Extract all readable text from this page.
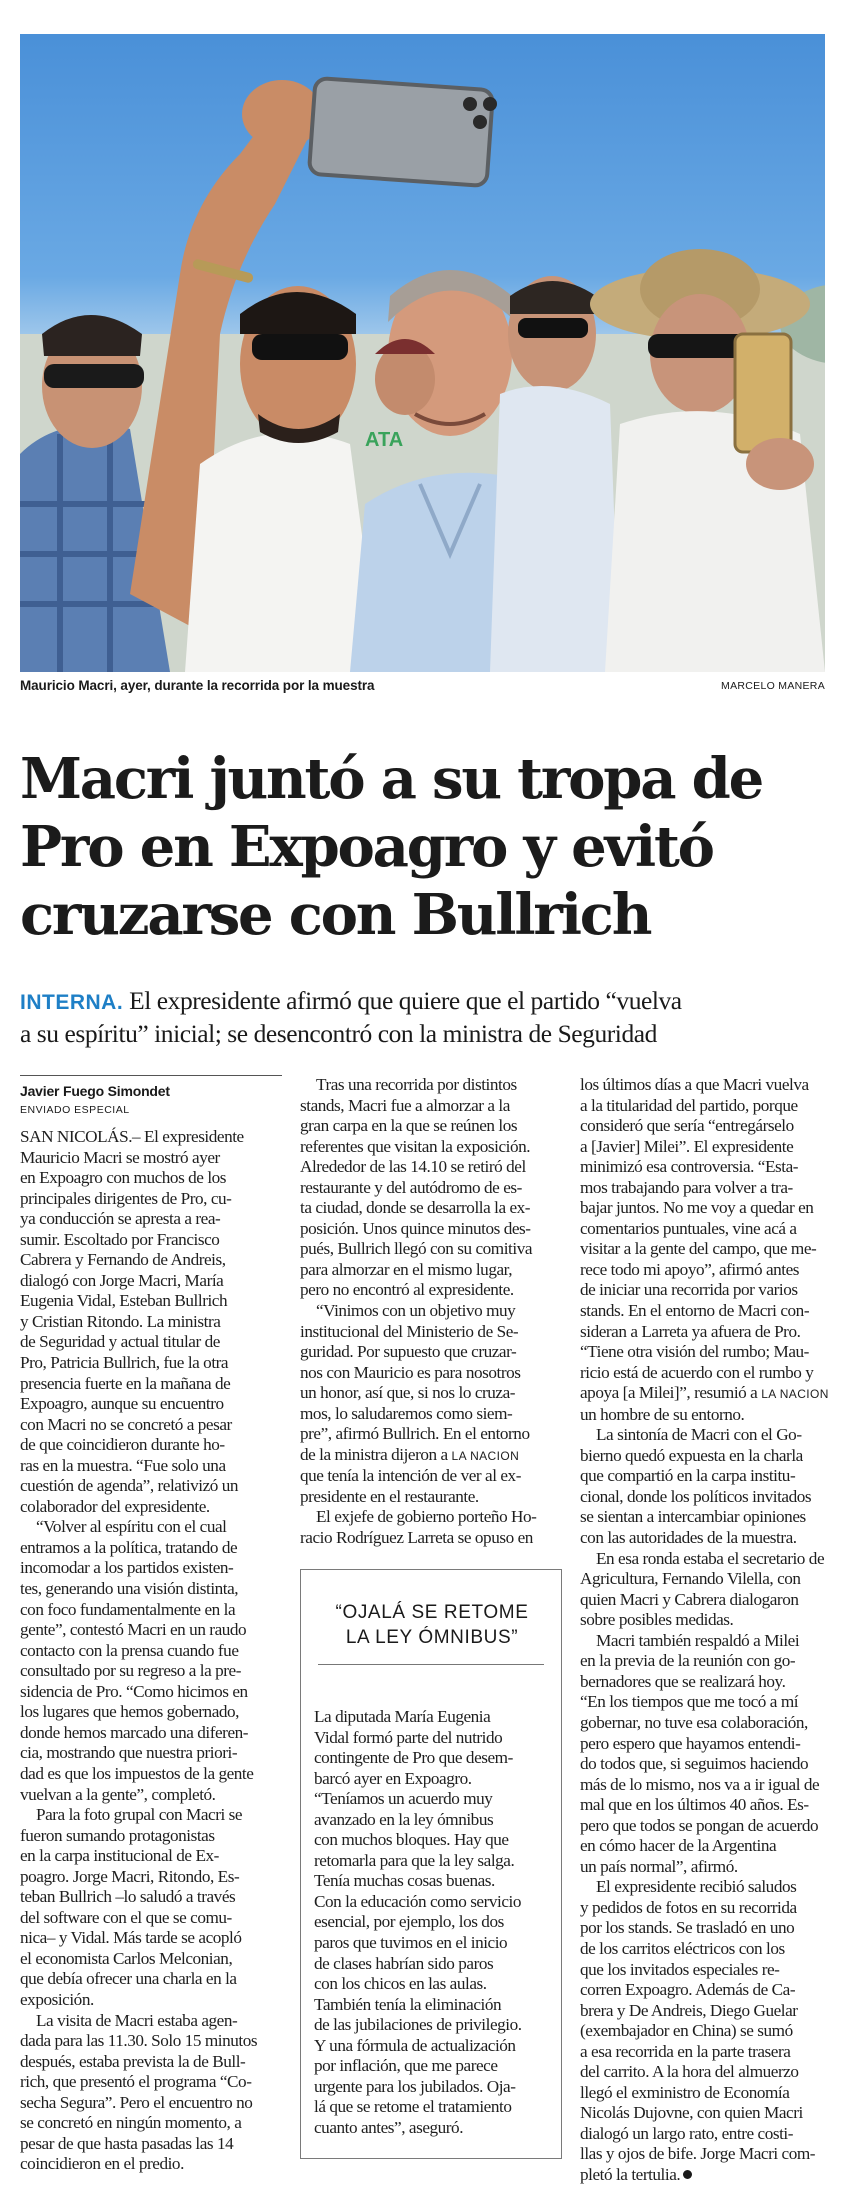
ATA
Mauricio Macri, ayer, durante la recorrida por la muestra	MARCELO MANERA
Macri juntó a su tropa de
Pro en Expoagro y evitó
cruzarse con Bullrich
INTERNA. El expresidente afirmó que quiere que el partido “vuelva
a su espíritu” inicial; se desencontró con la ministra de Seguridad
Javier Fuego Simondet
ENVIADO ESPECIAL
SAN NICOLÁS.– El expresidente
Mauricio Macri se mostró ayer
en Expoagro con muchos de los
principales dirigentes de Pro, cu-
ya conducción se apresta a rea-
sumir. Escoltado por Francisco
Cabrera y Fernando de Andreis,
dialogó con Jorge Macri, María
Eugenia Vidal, Esteban Bullrich
y Cristian Ritondo. La ministra
de Seguridad y actual titular de
Pro, Patricia Bullrich, fue la otra
presencia fuerte en la mañana de
Expoagro, aunque su encuentro
con Macri no se concretó a pesar
de que coincidieron durante ho-
ras en la muestra. “Fue solo una
cuestión de agenda”, relativizó un
colaborador del expresidente.
“Volver al espíritu con el cual
entramos a la política, tratando de
incomodar a los partidos existen-
tes, generando una visión distinta,
con foco fundamentalmente en la
gente”, contestó Macri en un raudo
contacto con la prensa cuando fue
consultado por su regreso a la pre-
sidencia de Pro. “Como hicimos en
los lugares que hemos gobernado,
donde hemos marcado una diferen-
cia, mostrando que nuestra priori-
dad es que los impuestos de la gente
vuelvan a la gente”, completó.
Para la foto grupal con Macri se
fueron sumando protagonistas
en la carpa institucional de Ex-
poagro. Jorge Macri, Ritondo, Es-
teban Bullrich –lo saludó a través
del software con el que se comu-
nica– y Vidal. Más tarde se acopló
el economista Carlos Melconian,
que debía ofrecer una charla en la
exposición.
La visita de Macri estaba agen-
dada para las 11.30. Solo 15 minutos
después, estaba prevista la de Bull-
rich, que presentó el programa “Co-
secha Segura”. Pero el encuentro no
se concretó en ningún momento, a
pesar de que hasta pasadas las 14
coincidieron en el predio.
Tras una recorrida por distintos
stands, Macri fue a almorzar a la
gran carpa en la que se reúnen los
referentes que visitan la exposición.
Alrededor de las 14.10 se retiró del
restaurante y del autódromo de es-
ta ciudad, donde se desarrolla la ex-
posición. Unos quince minutos des-
pués, Bullrich llegó con su comitiva
para almorzar en el mismo lugar,
pero no encontró al expresidente.
“Vinimos con un objetivo muy
institucional del Ministerio de Se-
guridad. Por supuesto que cruzar-
nos con Mauricio es para nosotros
un honor, así que, si nos lo cruza-
mos, lo saludaremos como siem-
pre”, afirmó Bullrich. En el entorno
de la ministra dijeron a LA NACION
que tenía la intención de ver al ex-
presidente en el restaurante.
El exjefe de gobierno porteño Ho-
racio Rodríguez Larreta se opuso en
“OJALÁ SE RETOME
LA LEY ÓMNIBUS”
La diputada María Eugenia
Vidal formó parte del nutrido
contingente de Pro que desem-
barcó ayer en Expoagro.
“Teníamos un acuerdo muy
avanzado en la ley ómnibus
con muchos bloques. Hay que
retomarla para que la ley salga.
Tenía muchas cosas buenas.
Con la educación como servicio
esencial, por ejemplo, los dos
paros que tuvimos en el inicio
de clases habrían sido paros
con los chicos en las aulas.
También tenía la eliminación
de las jubilaciones de privilegio.
Y una fórmula de actualización
por inflación, que me parece
urgente para los jubilados. Oja-
lá que se retome el tratamiento
cuanto antes”, aseguró.
los últimos días a que Macri vuelva
a la titularidad del partido, porque
consideró que sería “entregárselo
a [Javier] Milei”. El expresidente
minimizó esa controversia. “Esta-
mos trabajando para volver a tra-
bajar juntos. No me voy a quedar en
comentarios puntuales, vine acá a
visitar a la gente del campo, que me-
rece todo mi apoyo”, afirmó antes
de iniciar una recorrida por varios
stands. En el entorno de Macri con-
sideran a Larreta ya afuera de Pro.
“Tiene otra visión del rumbo; Mau-
ricio está de acuerdo con el rumbo y
apoya [a Milei]”, resumió a LA NACION
un hombre de su entorno.
La sintonía de Macri con el Go-
bierno quedó expuesta en la charla
que compartió en la carpa institu-
cional, donde los políticos invitados
se sientan a intercambiar opiniones
con las autoridades de la muestra.
En esa ronda estaba el secretario de
Agricultura, Fernando Vilella, con
quien Macri y Cabrera dialogaron
sobre posibles medidas.
Macri también respaldó a Milei
en la previa de la reunión con go-
bernadores que se realizará hoy.
“En los tiempos que me tocó a mí
gobernar, no tuve esa colaboración,
pero espero que hayamos entendi-
do todos que, si seguimos haciendo
más de lo mismo, nos va a ir igual de
mal que en los últimos 40 años. Es-
pero que todos se pongan de acuerdo
en cómo hacer de la Argentina
un país normal”, afirmó.
El expresidente recibió saludos
y pedidos de fotos en su recorrida
por los stands. Se trasladó en uno
de los carritos eléctricos con los
que los invitados especiales re-
corren Expoagro. Además de Ca-
brera y De Andreis, Diego Guelar
(exembajador en China) se sumó
a esa recorrida en la parte trasera
del carrito. A la hora del almuerzo
llegó el exministro de Economía
Nicolás Dujovne, con quien Macri
dialogó un largo rato, entre costi-
llas y ojos de bife. Jorge Macri com-
pletó la tertulia.
